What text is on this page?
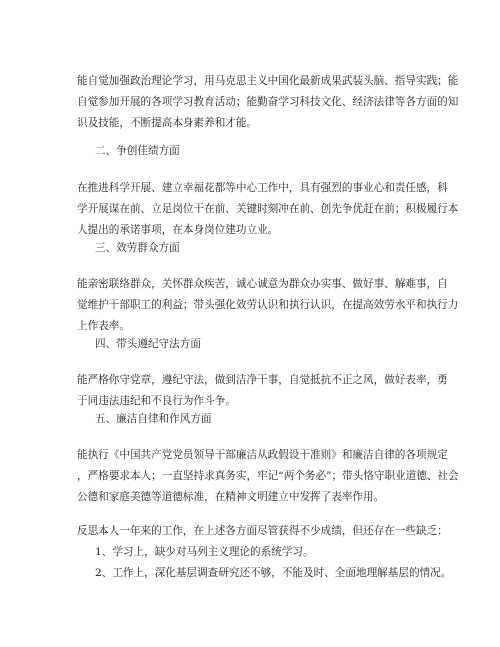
能自觉加强政治理论学习，用马克思主义中国化最新成果武装头脑、指导实践；能
自觉参加开展的各项学习教育活动；能勤奋学习科技文化、经济法律等各方面的知
识及技能，不断提高本身素养和才能。
二、争创佳绩方面
在推进科学开展、建立幸福花都等中心工作中，具有强烈的事业心和责任感，科
学开展谋在前、立足岗位干在前、关键时刻冲在前、创先争优赶在前；积极履行本
人提出的承诺事项，在本身岗位建功立业。
三、效劳群众方面
能亲密联络群众，关怀群众疾苦，诚心诚意为群众办实事、做好事、解难事，自
觉维护干部职工的利益；带头强化效劳认识和执行认识，在提高效劳水平和执行力
上作表率。
四、带头遵纪守法方面
能严格你守党章，遵纪守法，做到洁净干事，自觉抵抗不正之风，做好表率，勇
于同违法违纪和不良行为作斗争。
五、廉洁自律和作风方面
能执行《中国共产党党员领导干部廉洁从政假设干准则》和廉洁自律的各项规定
，严格要求本人；一直坚持求真务实，牢记“两个务必”；带头恪守职业道德、社会
公德和家庭美德等道德标准，在精神文明建立中发挥了表率作用。
反思本人一年来的工作，在上述各方面尽管获得不少成绩，但还存在一些缺乏：
1、学习上，缺少对马列主义理论的系统学习。
2、工作上，深化基层调查研究还不够，不能及时、全面地理解基层的情况。
